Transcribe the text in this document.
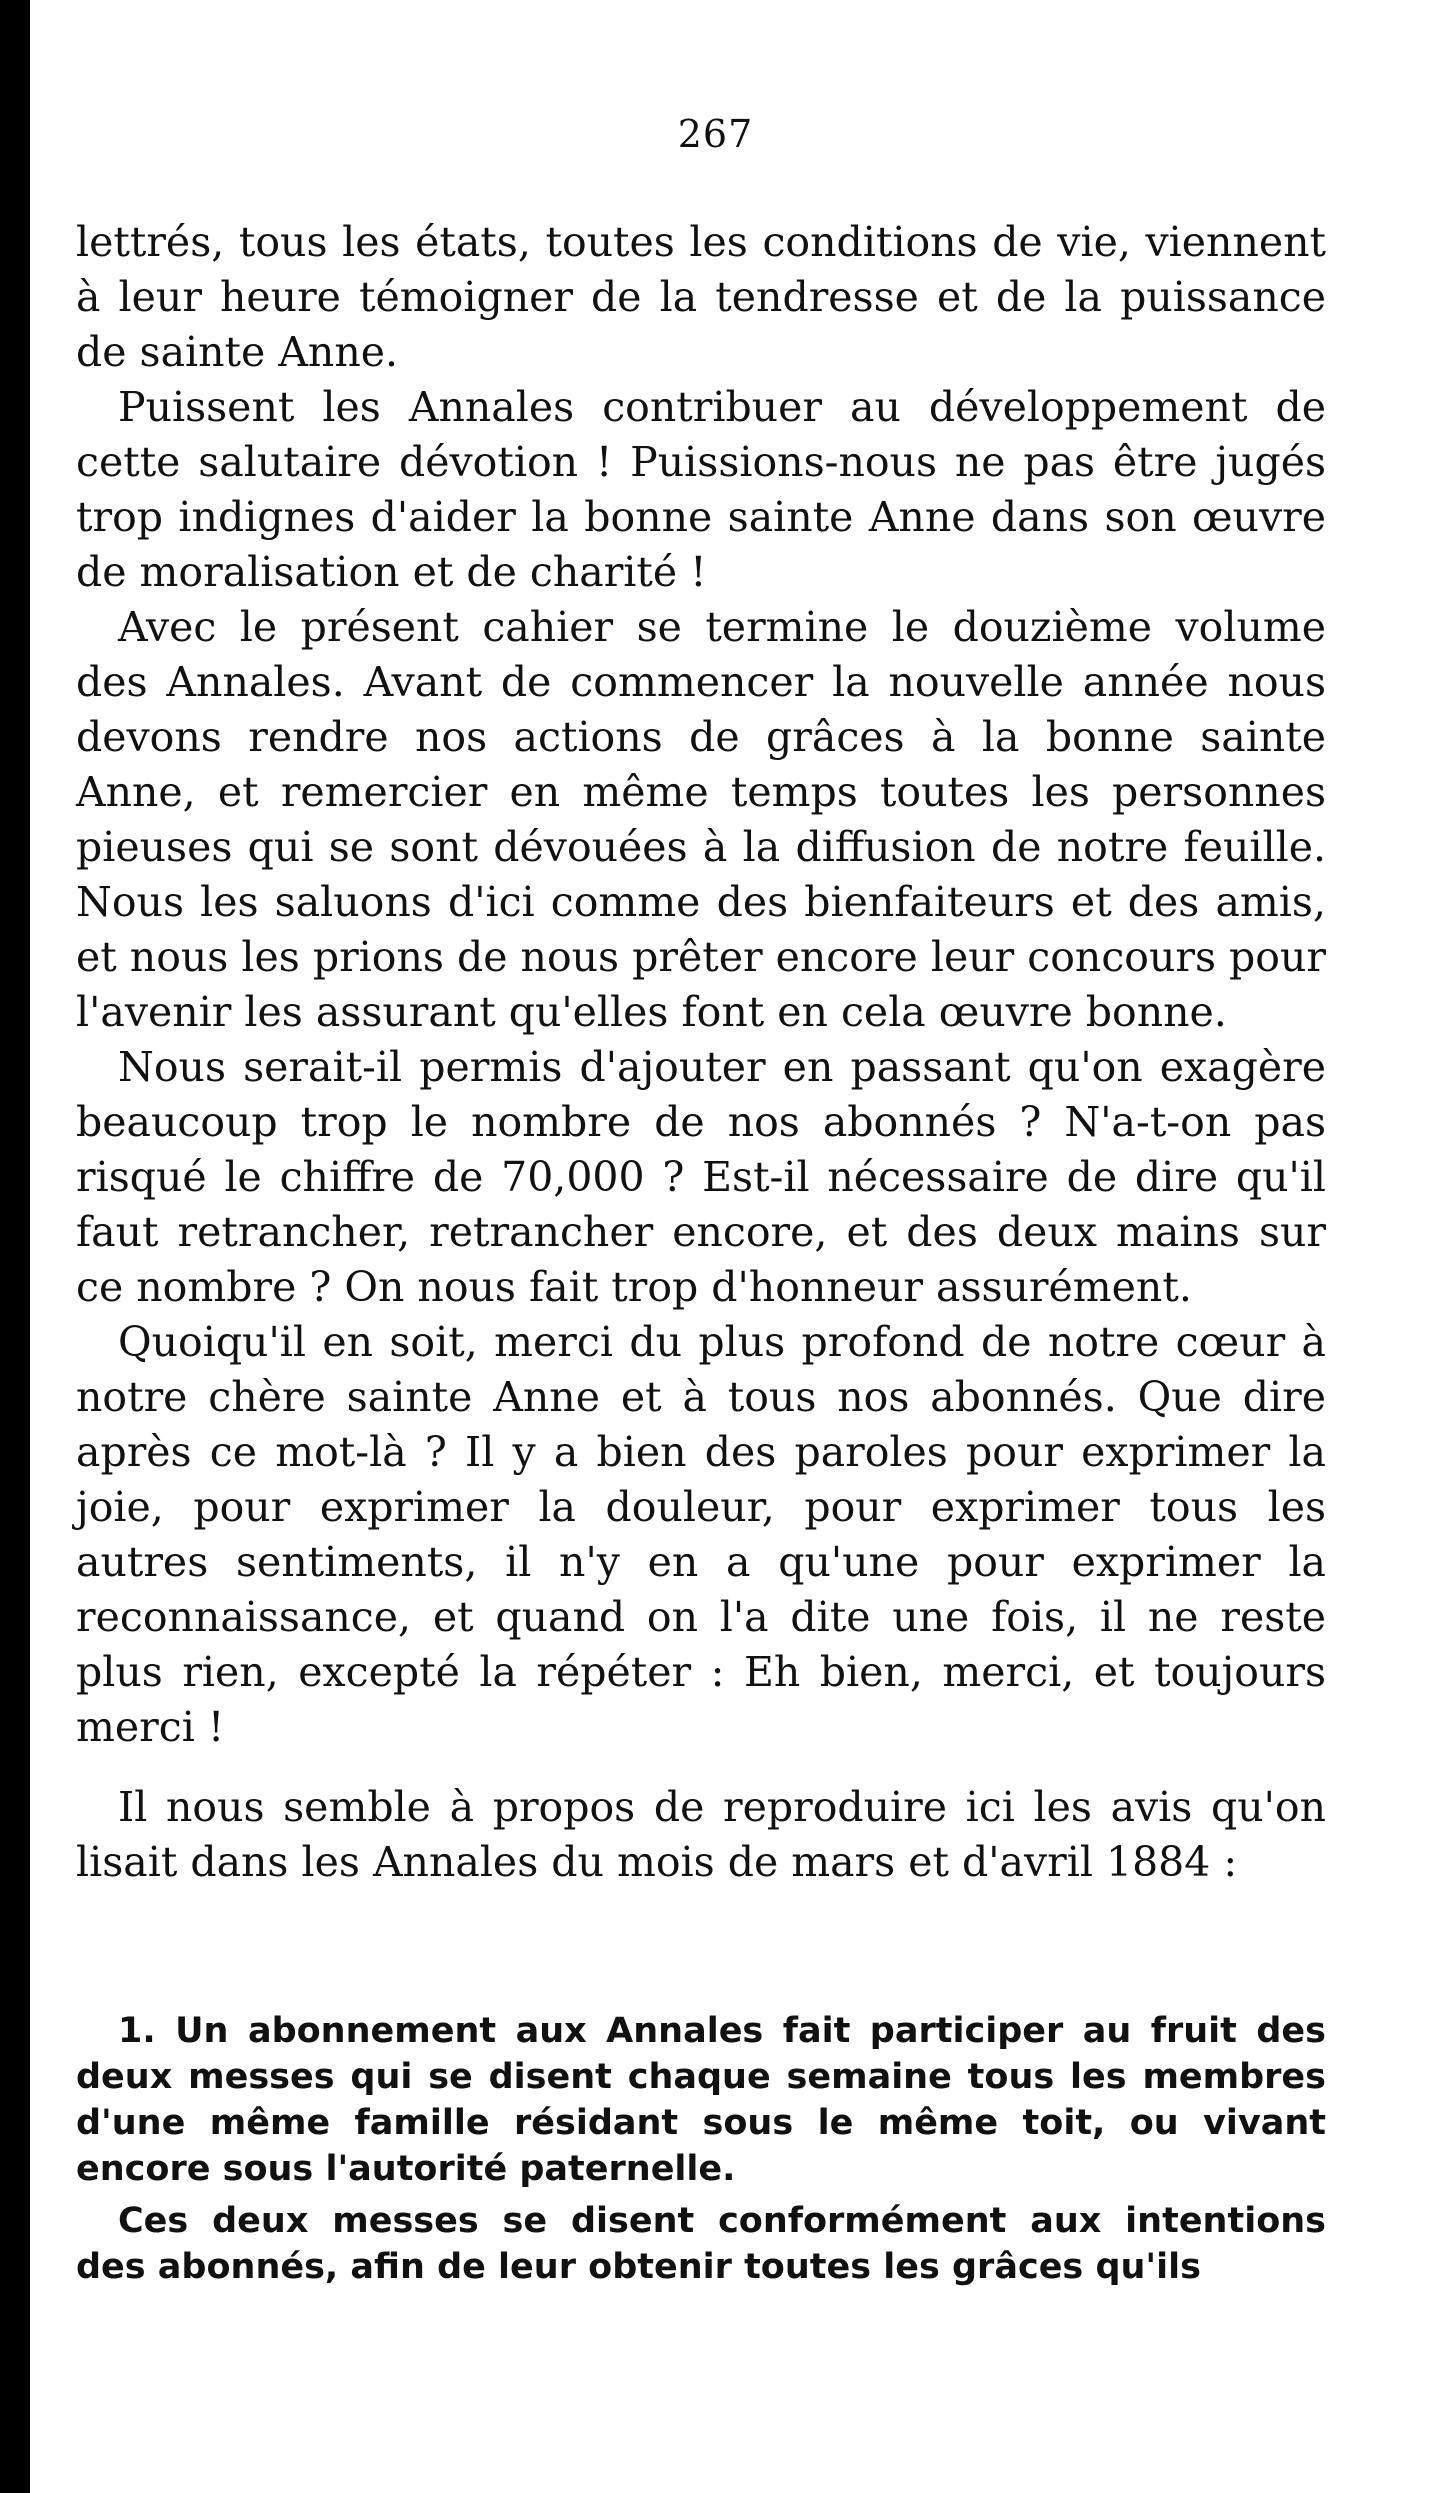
267

lettrés, tous les états, toutes les conditions de vie, viennent à leur heure témoigner de la tendresse et de la puissance de sainte Anne.

Puissent les Annales contribuer au développement de cette salutaire dévotion ! Puissions-nous ne pas être jugés trop indignes d'aider la bonne sainte Anne dans son œuvre de moralisation et de charité !

Avec le présent cahier se termine le douzième volume des Annales. Avant de commencer la nouvelle année nous devons rendre nos actions de grâces à la bonne sainte Anne, et remercier en même temps toutes les personnes pieuses qui se sont dévouées à la diffusion de notre feuille. Nous les saluons d'ici comme des bienfaiteurs et des amis, et nous les prions de nous prêter encore leur concours pour l'avenir les assurant qu'elles font en cela œuvre bonne.

Nous serait-il permis d'ajouter en passant qu'on exagère beaucoup trop le nombre de nos abonnés ? N'a-t-on pas risqué le chiffre de 70,000 ? Est-il nécessaire de dire qu'il faut retrancher, retrancher encore, et des deux mains sur ce nombre ? On nous fait trop d'honneur assurément.

Quoiqu'il en soit, merci du plus profond de notre cœur à notre chère sainte Anne et à tous nos abonnés. Que dire après ce mot-là ? Il y a bien des paroles pour exprimer la joie, pour exprimer la douleur, pour exprimer tous les autres sentiments, il n'y en a qu'une pour exprimer la reconnaissance, et quand on l'a dite une fois, il ne reste plus rien, excepté la répéter : Eh bien, merci, et toujours merci !

Il nous semble à propos de reproduire ici les avis qu'on lisait dans les Annales du mois de mars et d'avril 1884 :

1. Un abonnement aux Annales fait participer au fruit des deux messes qui se disent chaque semaine tous les membres d'une même famille résidant sous le même toit, ou vivant encore sous l'autorité paternelle.

Ces deux messes se disent conformément aux intentions des abonnés, afin de leur obtenir toutes les grâces qu'ils
